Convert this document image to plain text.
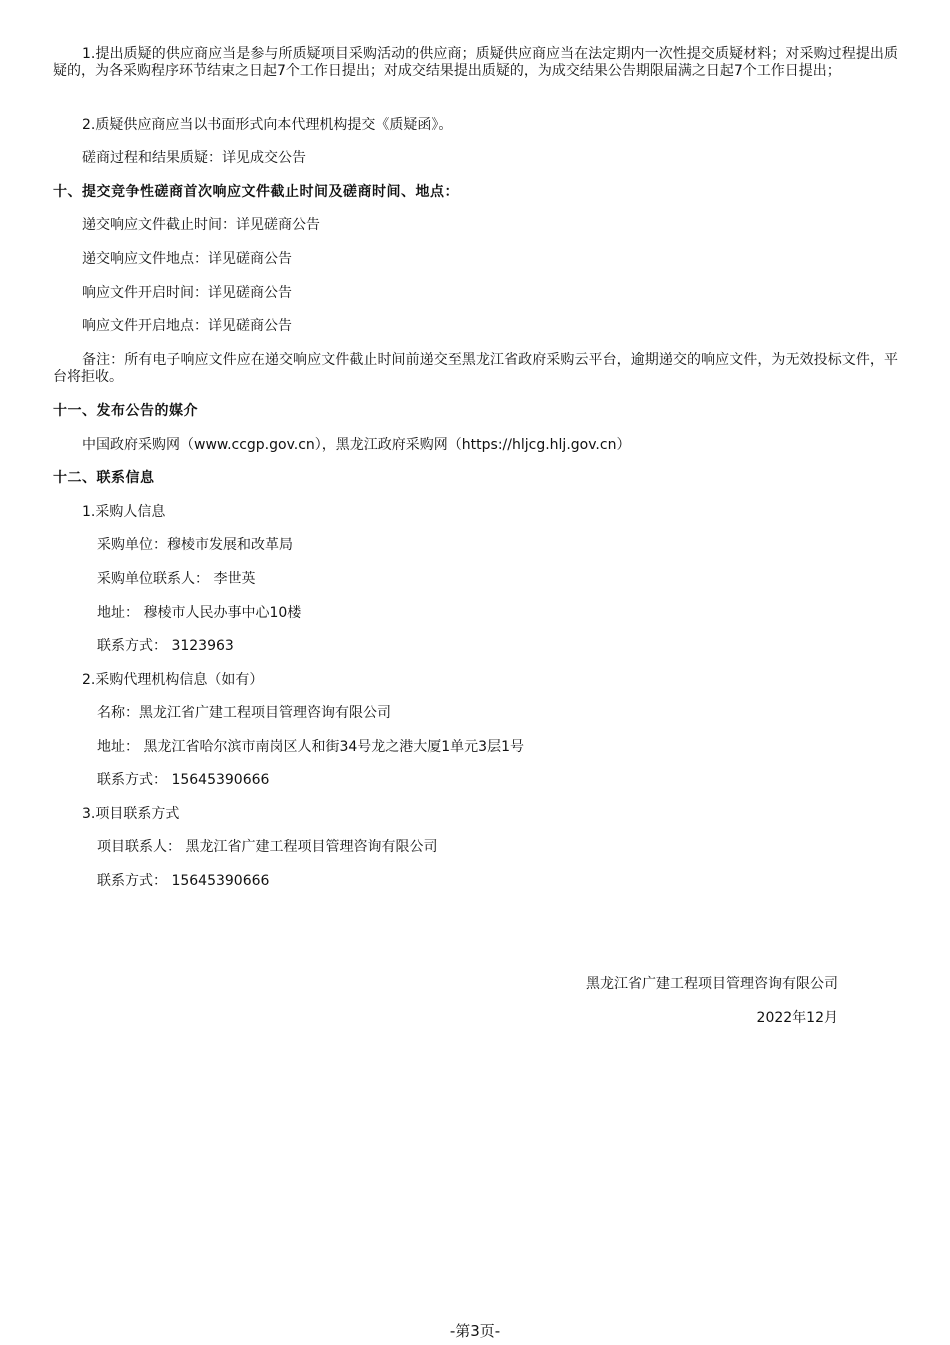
1.提出质疑的供应商应当是参与所质疑项目采购活动的供应商；质疑供应商应当在法定期内一次性提交质疑材料；对采购过程提出质疑的，为各采购程序环节结束之日起7个工作日提出；对成交结果提出质疑的，为成交结果公告期限届满之日起7个工作日提出；
2.质疑供应商应当以书面形式向本代理机构提交《质疑函》。
磋商过程和结果质疑：详见成交公告
十、提交竞争性磋商首次响应文件截止时间及磋商时间、地点：
递交响应文件截止时间：详见磋商公告
递交响应文件地点：详见磋商公告
响应文件开启时间：详见磋商公告
响应文件开启地点：详见磋商公告
备注：所有电子响应文件应在递交响应文件截止时间前递交至黑龙江省政府采购云平台，逾期递交的响应文件，为无效投标文件，平台将拒收。
十一、发布公告的媒介
中国政府采购网（www.ccgp.gov.cn），黑龙江政府采购网（https://hljcg.hlj.gov.cn）
十二、联系信息
1.采购人信息
采购单位：穆棱市发展和改革局
采购单位联系人： 李世英
地址： 穆棱市人民办事中心10楼
联系方式： 3123963
2.采购代理机构信息（如有）
名称：黑龙江省广建工程项目管理咨询有限公司
地址： 黑龙江省哈尔滨市南岗区人和街34号龙之港大厦1单元3层1号
联系方式： 15645390666
3.项目联系方式
项目联系人： 黑龙江省广建工程项目管理咨询有限公司
联系方式： 15645390666
黑龙江省广建工程项目管理咨询有限公司
2022年12月
-第3页-
